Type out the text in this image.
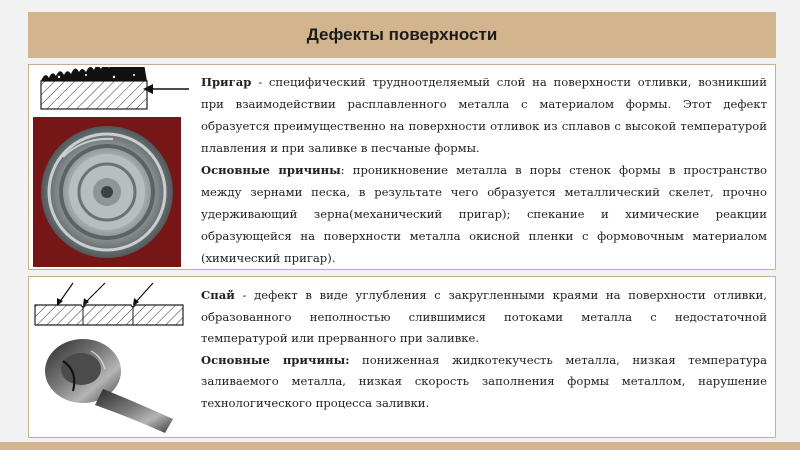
Дефекты поверхности

Пригар - специфический трудноотделяемый слой на поверхности отливки, возникший при взаимодействии расплавленного металла с материалом формы. Этот дефект образуется преимущественно на поверхности отливок из сплавов с высокой температурой плавления и при заливке в песчаные формы.

Основные причины: проникновение металла в поры стенок формы в пространство между зернами песка, в результате чего образуется металлический скелет, прочно удерживающий зерна(механический пригар); спекание и химические реакции образующейся на поверхности металла окисной пленки с формовочным материалом (химический пригар).

Спай - дефект в виде углубления с закругленными краями на поверхности отливки, образованного неполностью слившимися потоками металла с недостаточной температурой или прерванного при заливке.

Основные причины: пониженная жидкотекучесть металла, низкая температура заливаемого металла, низкая скорость заполнения формы металлом, нарушение технологического процесса заливки.
